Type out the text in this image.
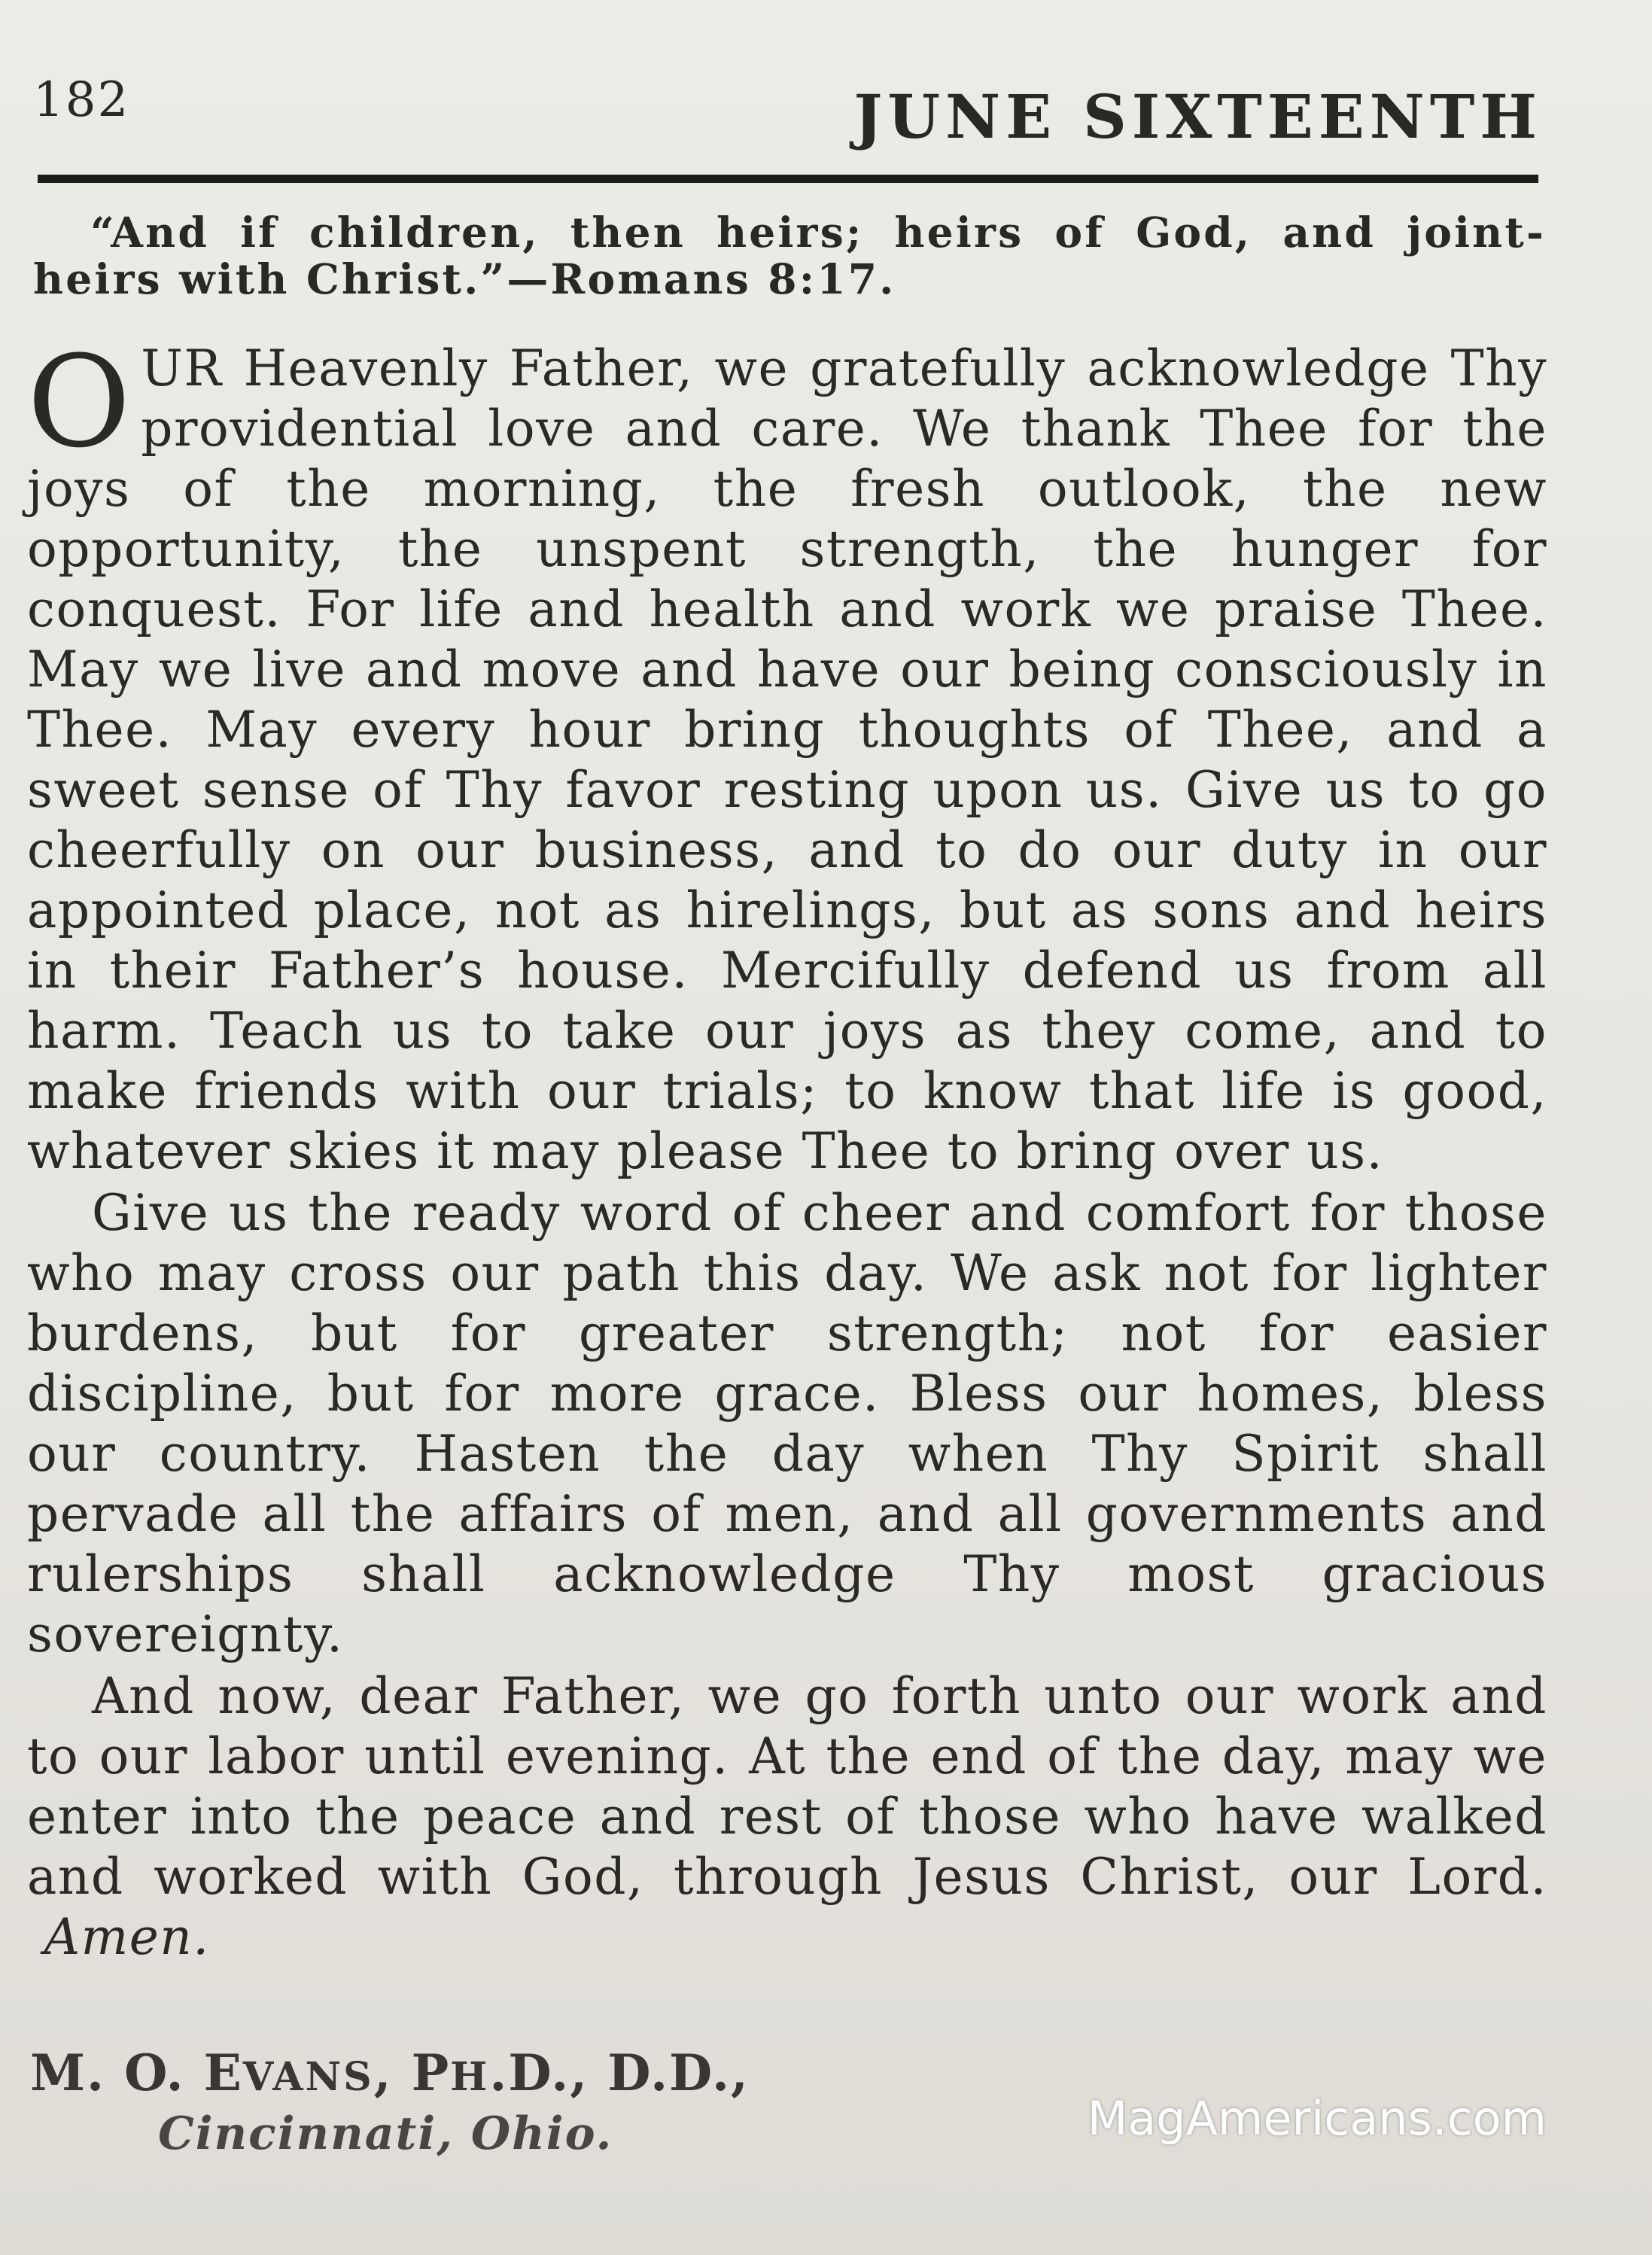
182	JUNE SIXTEENTH
“And if children, then heirs; heirs of God, and joint-
heirs with Christ.”—Romans 8:17.

OUR Heavenly Father, we gratefully acknowledge Thy providential love and care. We thank Thee for the joys of the morning, the fresh outlook, the new opportunity, the unspent strength, the hunger for conquest. For life and health and work we praise Thee. May we live and move and have our being consciously in Thee. May every hour bring thoughts of Thee, and a sweet sense of Thy favor resting upon us. Give us to go cheerfully on our business, and to do our duty in our appointed place, not as hirelings, but as sons and heirs in their Father’s house. Mercifully defend us from all harm. Teach us to take our joys as they come, and to make friends with our trials; to know that life is good, whatever skies it may please Thee to bring over us.

Give us the ready word of cheer and comfort for those who may cross our path this day. We ask not for lighter burdens, but for greater strength; not for easier discipline, but for more grace. Bless our homes, bless our country. Hasten the day when Thy Spirit shall pervade all the affairs of men, and all governments and rulerships shall acknowledge Thy most gracious sovereignty.

And now, dear Father, we go forth unto our work and to our labor until evening. At the end of the day, may we enter into the peace and rest of those who have walked and worked with God, through Jesus Christ, our Lord.  Amen.

M. O. EVANS, PH.D., D.D.,
Cincinnati, Ohio.	MagAmericans.com
